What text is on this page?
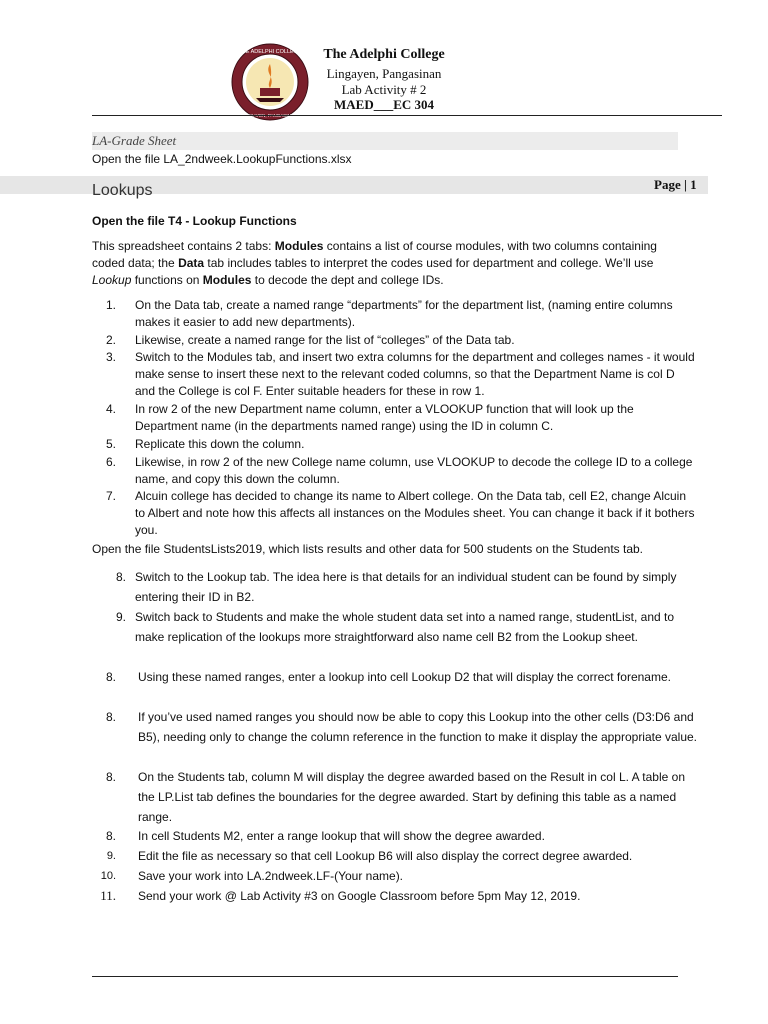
THE ADELPHI COLLEGE
LINGAYEN, PANGASINAN
The Adelphi College
Lingayen, Pangasinan
Lab Activity # 2
MAED___EC 304
LA-Grade Sheet
Open the file LA_2ndweek.LookupFunctions.xlsx
Lookups	Page | 1
Open the file T4 - Lookup Functions
This spreadsheet contains 2 tabs: Modules contains a list of course modules, with two columns containing coded data; the Data tab includes tables to interpret the codes used for department and college. We’ll use Lookup functions on Modules to decode the dept and college IDs.
1. On the Data tab, create a named range “departments” for the department list, (naming entire columns makes it easier to add new departments).
2. Likewise, create a named range for the list of “colleges” of the Data tab.
3. Switch to the Modules tab, and insert two extra columns for the department and colleges names - it would make sense to insert these next to the relevant coded columns, so that the Department Name is col D and the College is col F. Enter suitable headers for these in row 1.
4. In row 2 of the new Department name column, enter a VLOOKUP function that will look up the Department name (in the departments named range) using the ID in column C.
5. Replicate this down the column.
6. Likewise, in row 2 of the new College name column, use VLOOKUP to decode the college ID to a college name, and copy this down the column.
7. Alcuin college has decided to change its name to Albert college. On the Data tab, cell E2, change Alcuin to Albert and note how this affects all instances on the Modules sheet. You can change it back if it bothers you.
Open the file StudentsLists2019, which lists results and other data for 500 students on the Students tab.
8. Switch to the Lookup tab. The idea here is that details for an individual student can be found by simply entering their ID in B2.
9. Switch back to Students and make the whole student data set into a named range, studentList, and to make replication of the lookups more straightforward also name cell B2 from the Lookup sheet.
8. Using these named ranges, enter a lookup into cell Lookup D2 that will display the correct forename.
8. If you’ve used named ranges you should now be able to copy this Lookup into the other cells (D3:D6 and B5), needing only to change the column reference in the function to make it display the appropriate value.
8. On the Students tab, column M will display the degree awarded based on the Result in col L. A table on the LP.List tab defines the boundaries for the degree awarded. Start by defining this table as a named range.
8. In cell Students M2, enter a range lookup that will show the degree awarded.
9. Edit the file as necessary so that cell Lookup B6 will also display the correct degree awarded.
10. Save your work into LA.2ndweek.LF-(Your name).
11. Send your work @ Lab Activity #3 on Google Classroom before 5pm May 12, 2019.
